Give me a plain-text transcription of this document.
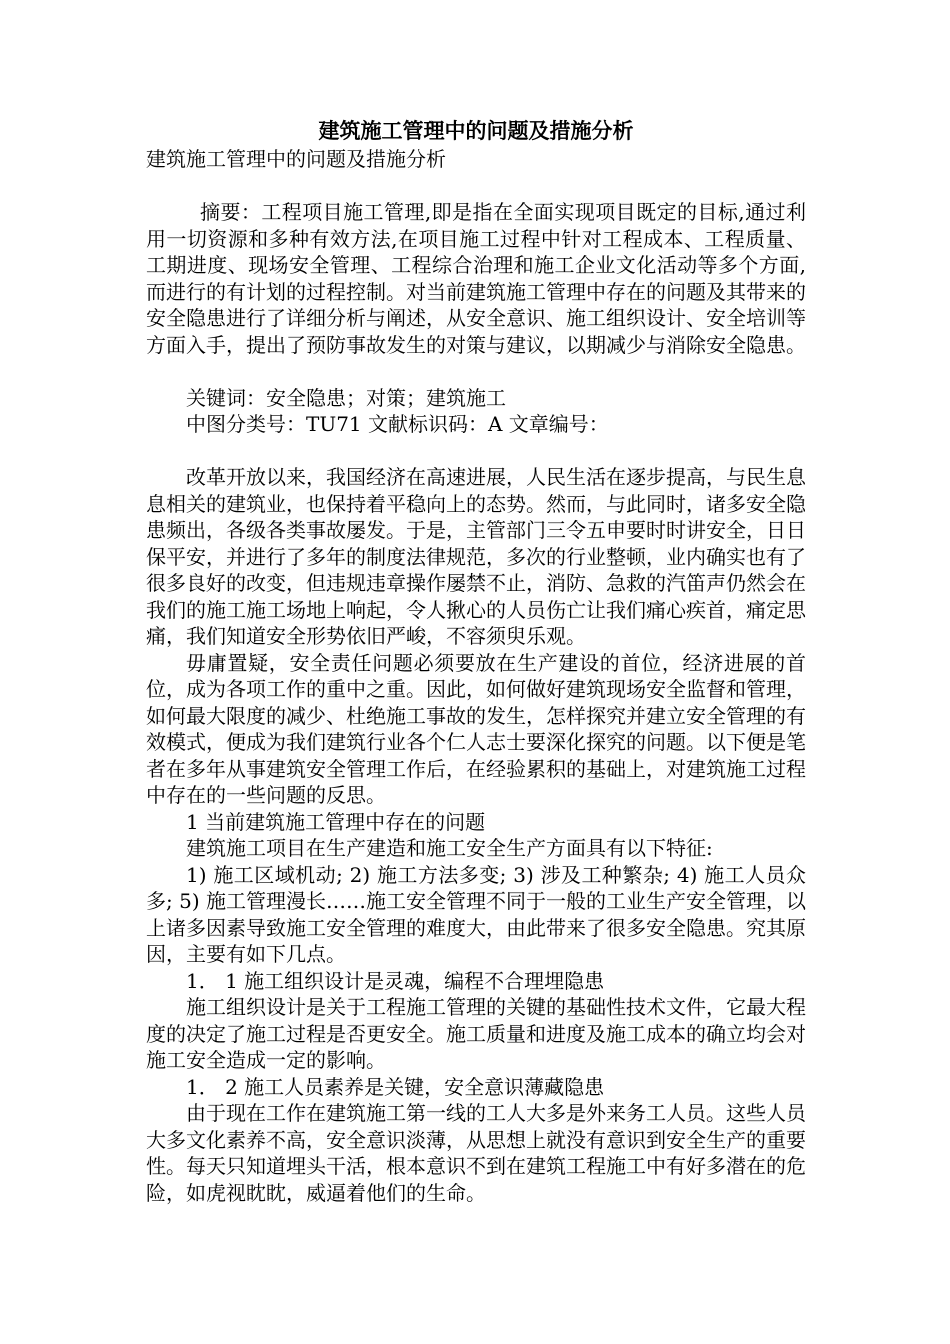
建筑施工管理中的问题及措施分析

建筑施工管理中的问题及措施分析

摘要：工程项目施工管理,即是指在全面实现项目既定的目标,通过利用一切资源和多种有效方法,在项目施工过程中针对工程成本、工程质量、工期进度、现场安全管理、工程综合治理和施工企业文化活动等多个方面,而进行的有计划的过程控制。对当前建筑施工管理中存在的问题及其带来的安全隐患进行了详细分析与阐述，从安全意识、施工组织设计、安全培训等方面入手，提出了预防事故发生的对策与建议，以期减少与消除安全隐患。

关键词：安全隐患；对策；建筑施工

中图分类号：TU71 文献标识码：A 文章编号：

改革开放以来，我国经济在高速进展，人民生活在逐步提高，与民生息息相关的建筑业，也保持着平稳向上的态势。然而，与此同时，诸多安全隐患频出，各级各类事故屡发。于是，主管部门三令五申要时时讲安全，日日保平安，并进行了多年的制度法律规范，多次的行业整顿，业内确实也有了很多良好的改变，但违规违章操作屡禁不止，消防、急救的汽笛声仍然会在我们的施工施工场地上响起，令人揪心的人员伤亡让我们痛心疾首，痛定思痛，我们知道安全形势依旧严峻，不容须臾乐观。

毋庸置疑，安全责任问题必须要放在生产建设的首位，经济进展的首位，成为各项工作的重中之重。因此，如何做好建筑现场安全监督和管理，如何最大限度的减少、杜绝施工事故的发生，怎样探究并建立安全管理的有效模式，便成为我们建筑行业各个仁人志士要深化探究的问题。以下便是笔者在多年从事建筑安全管理工作后，在经验累积的基础上，对建筑施工过程中存在的一些问题的反思。

1 当前建筑施工管理中存在的问题

建筑施工项目在生产建造和施工安全生产方面具有以下特征:

1) 施工区域机动; 2) 施工方法多变; 3) 涉及工种繁杂; 4) 施工人员众多; 5) 施工管理漫长……施工安全管理不同于一般的工业生产安全管理，以上诸多因素导致施工安全管理的难度大，由此带来了很多安全隐患。究其原因，主要有如下几点。

1． 1 施工组织设计是灵魂，编程不合理埋隐患

施工组织设计是关于工程施工管理的关键的基础性技术文件，它最大程度的决定了施工过程是否更安全。施工质量和进度及施工成本的确立均会对施工安全造成一定的影响。

1． 2 施工人员素养是关键，安全意识薄藏隐患

由于现在工作在建筑施工第一线的工人大多是外来务工人员。这些人员大多文化素养不高，安全意识淡薄，从思想上就没有意识到安全生产的重要性。每天只知道埋头干活，根本意识不到在建筑工程施工中有好多潜在的危险，如虎视眈眈，威逼着他们的生命。
